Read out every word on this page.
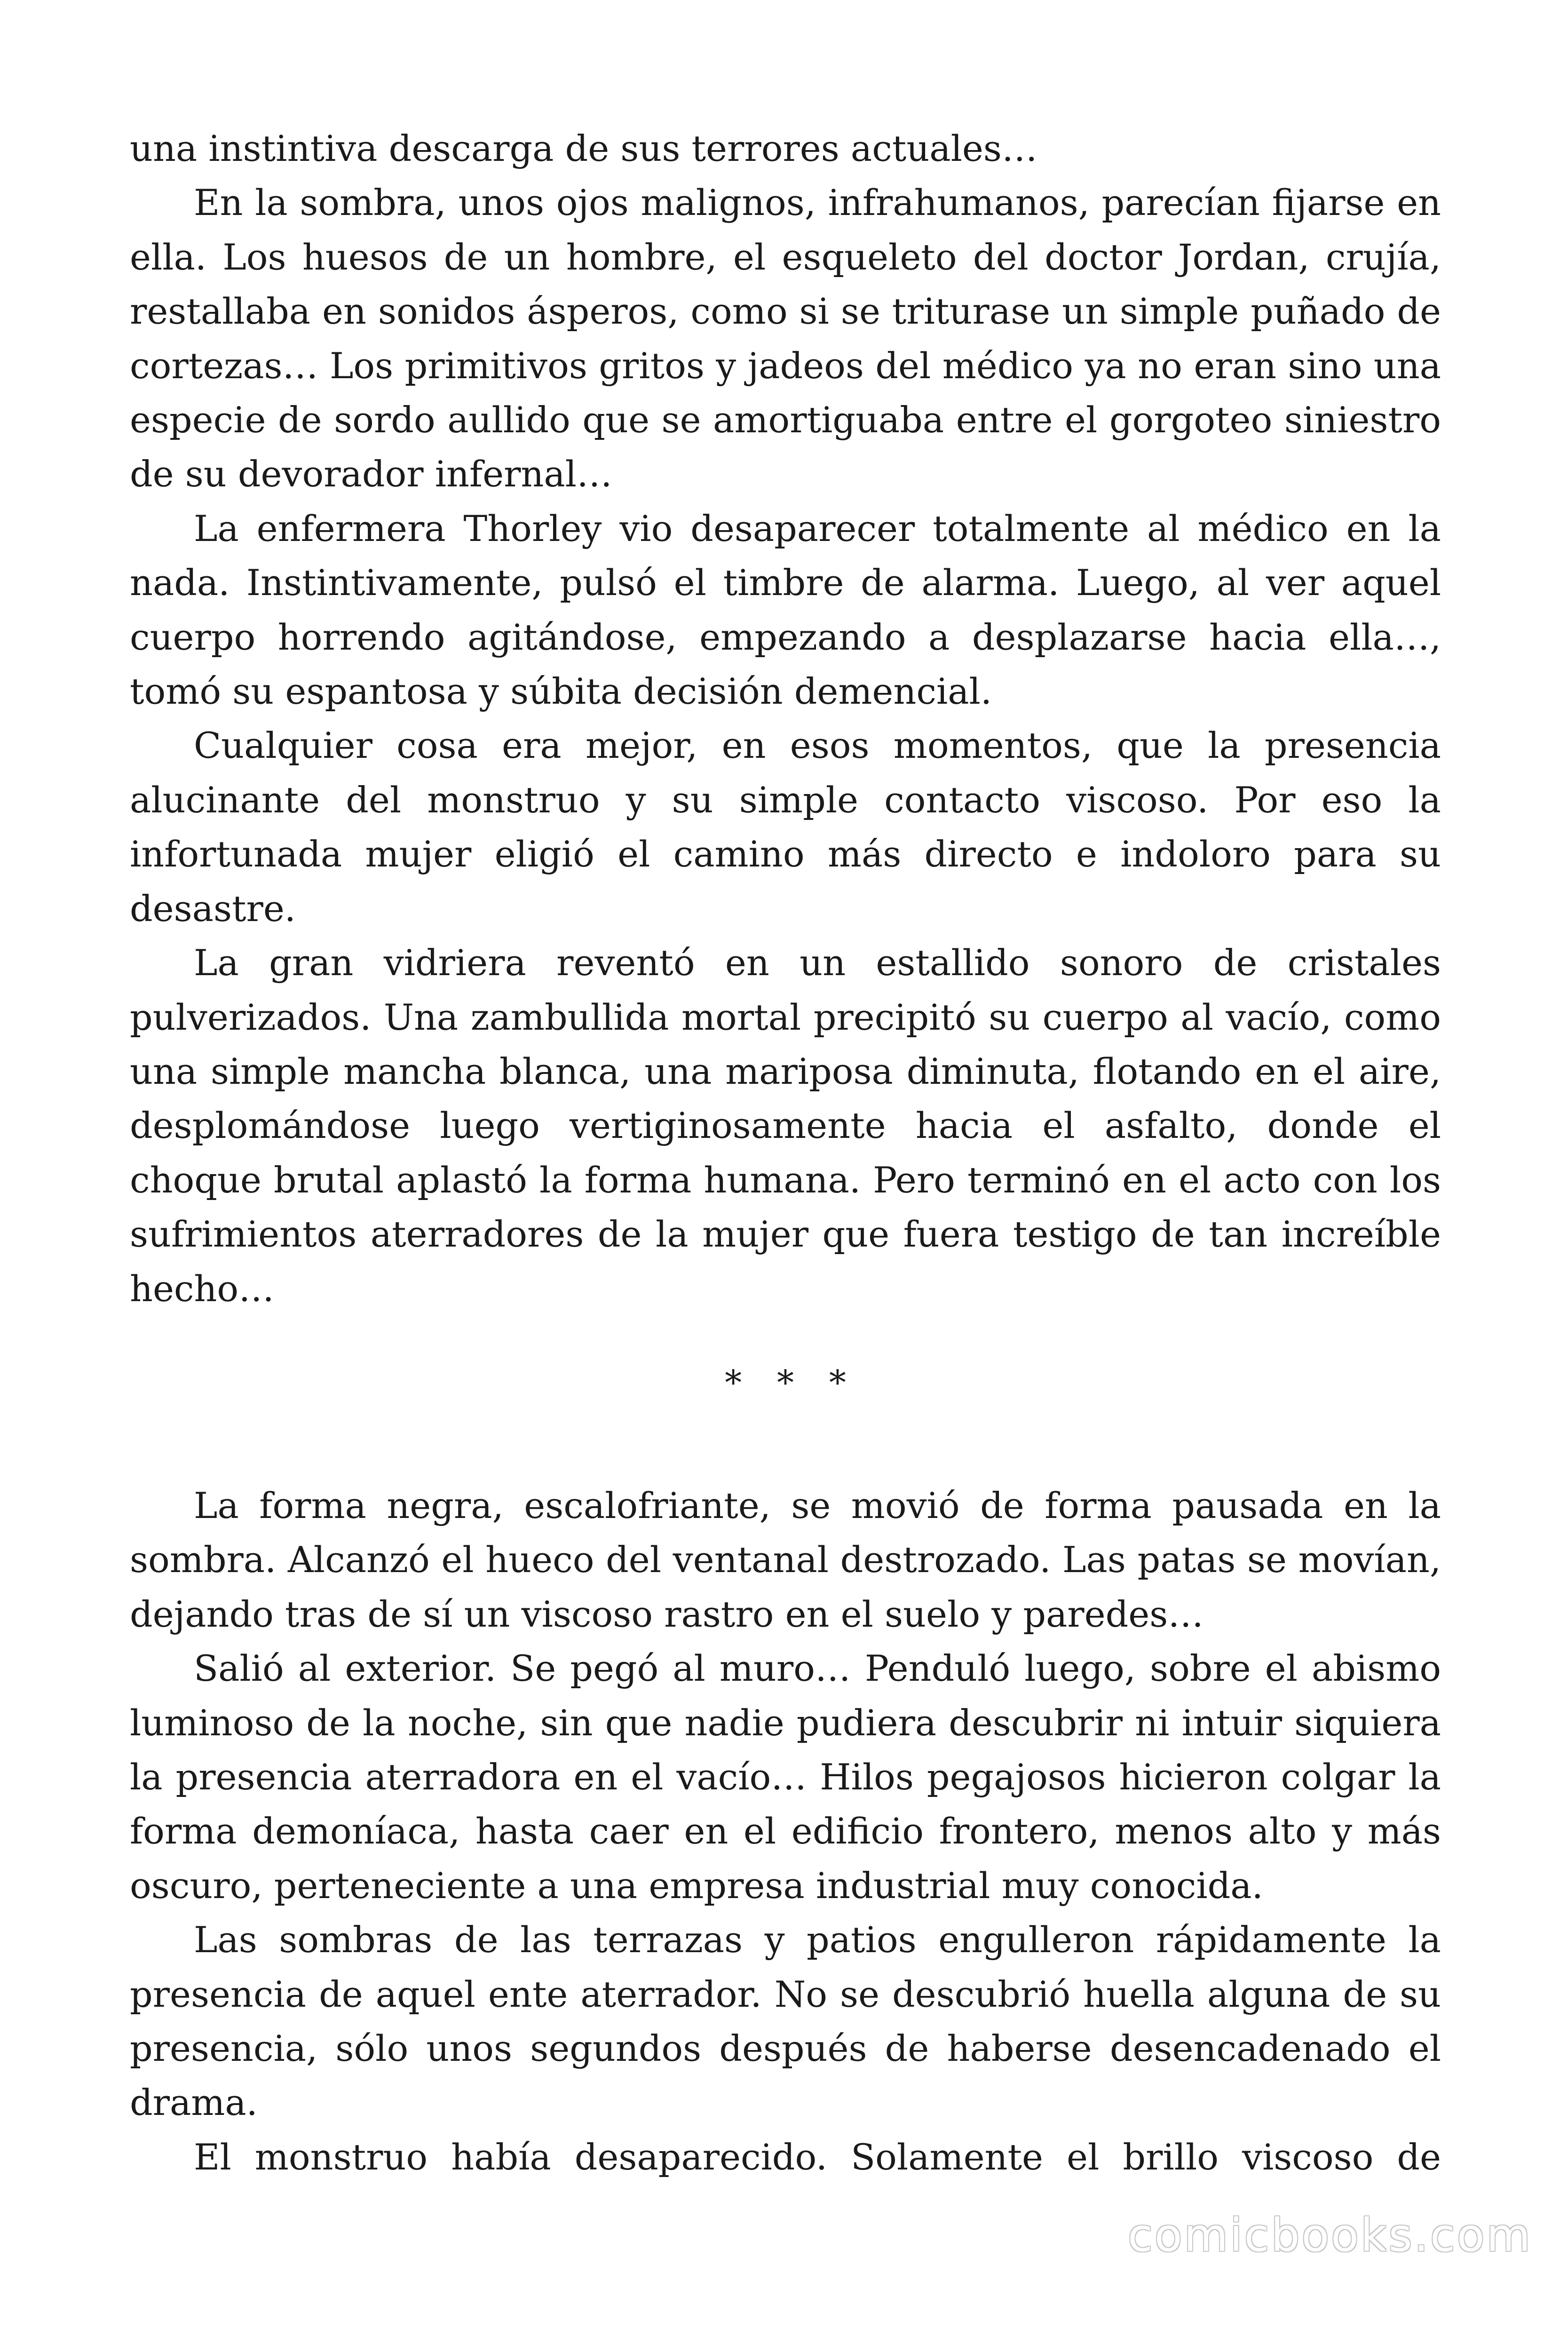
una instintiva descarga de sus terrores actuales…

En la sombra, unos ojos malignos, infrahumanos, parecían fijarse en ella. Los huesos de un hombre, el esqueleto del doctor Jordan, crujía, restallaba en sonidos ásperos, como si se triturase un simple puñado de cortezas… Los primitivos gritos y jadeos del médico ya no eran sino una especie de sordo aullido que se amortiguaba entre el gorgoteo siniestro de su devorador infernal…

La enfermera Thorley vio desaparecer totalmente al médico en la nada. Instintivamente, pulsó el timbre de alarma. Luego, al ver aquel cuerpo horrendo agitándose, empezando a desplazarse hacia ella…, tomó su espantosa y súbita decisión demencial.

Cualquier cosa era mejor, en esos momentos, que la presencia alucinante del monstruo y su simple contacto viscoso. Por eso la infortunada mujer eligió el camino más directo e indoloro para su desastre.

La gran vidriera reventó en un estallido sonoro de cristales pulverizados. Una zambullida mortal precipitó su cuerpo al vacío, como una simple mancha blanca, una mariposa diminuta, flotando en el aire, desplomándose luego vertiginosamente hacia el asfalto, donde el choque brutal aplastó la forma humana. Pero terminó en el acto con los sufrimientos aterradores de la mujer que fuera testigo de tan increíble hecho…

* * *

La forma negra, escalofriante, se movió de forma pausada en la sombra. Alcanzó el hueco del ventanal destrozado. Las patas se movían, dejando tras de sí un viscoso rastro en el suelo y paredes…

Salió al exterior. Se pegó al muro… Penduló luego, sobre el abismo luminoso de la noche, sin que nadie pudiera descubrir ni intuir siquiera la presencia aterradora en el vacío… Hilos pegajosos hicieron colgar la forma demoníaca, hasta caer en el edificio frontero, menos alto y más oscuro, perteneciente a una empresa industrial muy conocida.

Las sombras de las terrazas y patios engulleron rápidamente la presencia de aquel ente aterrador. No se descubrió huella alguna de su presencia, sólo unos segundos después de haberse desencadenado el drama.

El monstruo había desaparecido. Solamente el brillo viscoso de

comicbooks.com
